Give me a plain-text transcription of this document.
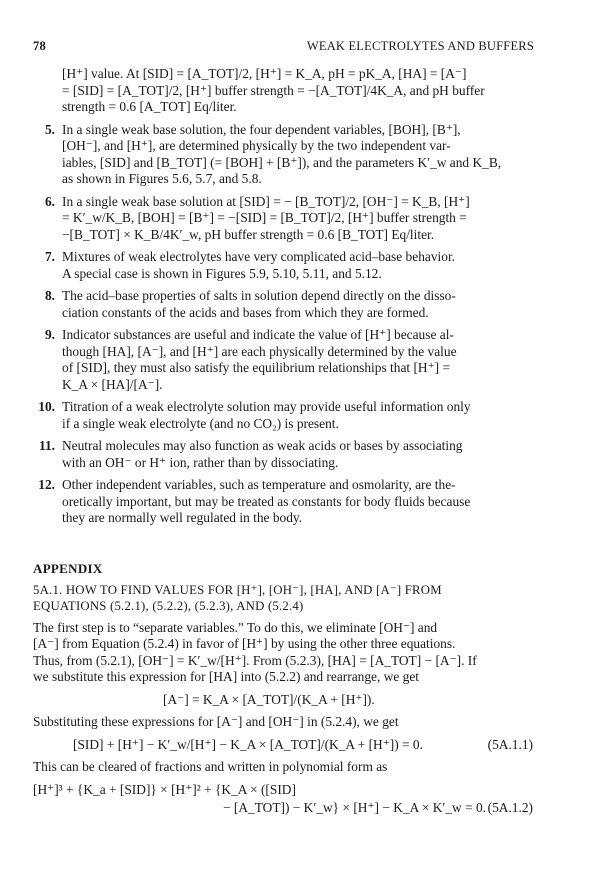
78	WEAK ELECTROLYTES AND BUFFERS
[H⁺] value. At [SID] = [A_TOT]/2, [H⁺] = K_A, pH = pK_A, [HA] = [A⁻]
= [SID] = [A_TOT]/2, [H⁺] buffer strength = −[A_TOT]/4K_A, and pH buffer
strength = 0.6 [A_TOT] Eq/liter.
5. In a single weak base solution, the four dependent variables, [BOH], [B⁺],
[OH⁻], and [H⁺], are determined physically by the two independent var-
iables, [SID] and [B_TOT] (= [BOH] + [B⁺]), and the parameters K′_w and K_B,
as shown in Figures 5.6, 5.7, and 5.8.
6. In a single weak base solution at [SID] = − [B_TOT]/2, [OH⁻] = K_B, [H⁺]
= K′_w/K_B, [BOH] = [B⁺] = −[SID] = [B_TOT]/2, [H⁺] buffer strength =
−[B_TOT] × K_B/4K′_w, pH buffer strength = 0.6 [B_TOT] Eq/liter.
7. Mixtures of weak electrolytes have very complicated acid–base behavior.
A special case is shown in Figures 5.9, 5.10, 5.11, and 5.12.
8. The acid–base properties of salts in solution depend directly on the disso-
ciation constants of the acids and bases from which they are formed.
9. Indicator substances are useful and indicate the value of [H⁺] because al-
though [HA], [A⁻], and [H⁺] are each physically determined by the value
of [SID], they must also satisfy the equilibrium relationships that [H⁺] =
K_A × [HA]/[A⁻].
10. Titration of a weak electrolyte solution may provide useful information only
if a single weak electrolyte (and no CO₂) is present.
11. Neutral molecules may also function as weak acids or bases by associating
with an OH⁻ or H⁺ ion, rather than by dissociating.
12. Other independent variables, such as temperature and osmolarity, are the-
oretically important, but may be treated as constants for body fluids because
they are normally well regulated in the body.
APPENDIX
5A.1. HOW TO FIND VALUES FOR [H⁺], [OH⁻], [HA], AND [A⁻] FROM
EQUATIONS (5.2.1), (5.2.2), (5.2.3), AND (5.2.4)
The first step is to “separate variables.” To do this, we eliminate [OH⁻] and
[A⁻] from Equation (5.2.4) in favor of [H⁺] by using the other three equations.
Thus, from (5.2.1), [OH⁻] = K′_w/[H⁺]. From (5.2.3), [HA] = [A_TOT] − [A⁻]. If
we substitute this expression for [HA] into (5.2.2) and rearrange, we get
[A⁻] = K_A × [A_TOT]/(K_A + [H⁺]).
Substituting these expressions for [A⁻] and [OH⁻] in (5.2.4), we get
[SID] + [H⁺] − K′_w/[H⁺] − K_A × [A_TOT]/(K_A + [H⁺]) = 0.	(5A.1.1)
This can be cleared of fractions and written in polynomial form as
[H⁺]³ + {K_a + [SID]} × [H⁺]² + {K_A × ([SID]
− [A_TOT]) − K′_w} × [H⁺] − K_A × K′_w = 0. (5A.1.2)
